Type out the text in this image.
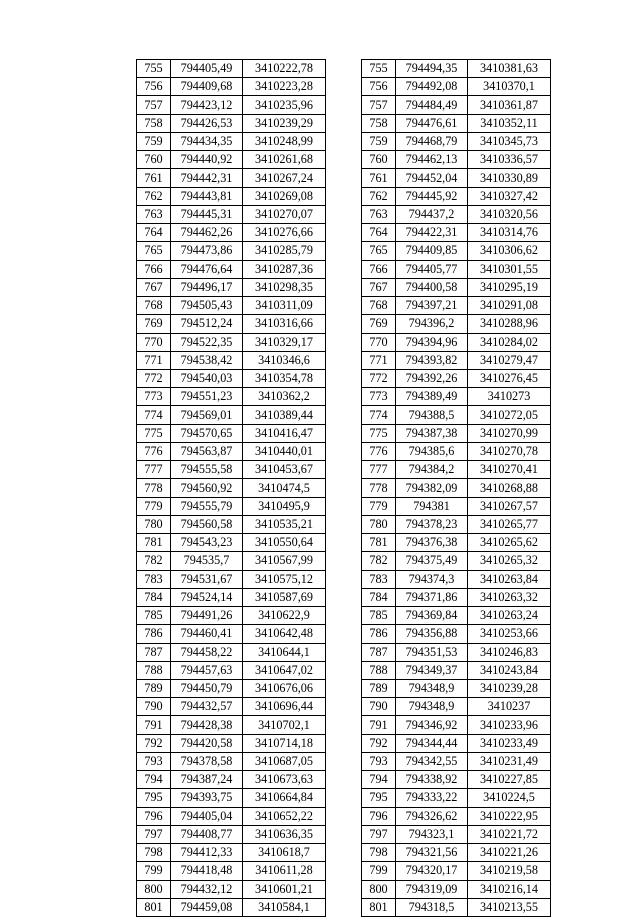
755	794405,49	3410222,78
756	794409,68	3410223,28
757	794423,12	3410235,96
758	794426,53	3410239,29
759	794434,35	3410248,99
760	794440,92	3410261,68
761	794442,31	3410267,24
762	794443,81	3410269,08
763	794445,31	3410270,07
764	794462,26	3410276,66
765	794473,86	3410285,79
766	794476,64	3410287,36
767	794496,17	3410298,35
768	794505,43	3410311,09
769	794512,24	3410316,66
770	794522,35	3410329,17
771	794538,42	3410346,6
772	794540,03	3410354,78
773	794551,23	3410362,2
774	794569,01	3410389,44
775	794570,65	3410416,47
776	794563,87	3410440,01
777	794555,58	3410453,67
778	794560,92	3410474,5
779	794555,79	3410495,9
780	794560,58	3410535,21
781	794543,23	3410550,64
782	794535,7	3410567,99
783	794531,67	3410575,12
784	794524,14	3410587,69
785	794491,26	3410622,9
786	794460,41	3410642,48
787	794458,22	3410644,1
788	794457,63	3410647,02
789	794450,79	3410676,06
790	794432,57	3410696,44
791	794428,38	3410702,1
792	794420,58	3410714,18
793	794378,58	3410687,05
794	794387,24	3410673,63
795	794393,75	3410664,84
796	794405,04	3410652,22
797	794408,77	3410636,35
798	794412,33	3410618,7
799	794418,48	3410611,28
800	794432,12	3410601,21
801	794459,08	3410584,1
755	794494,35	3410381,63
756	794492,08	3410370,1
757	794484,49	3410361,87
758	794476,61	3410352,11
759	794468,79	3410345,73
760	794462,13	3410336,57
761	794452,04	3410330,89
762	794445,92	3410327,42
763	794437,2	3410320,56
764	794422,31	3410314,76
765	794409,85	3410306,62
766	794405,77	3410301,55
767	794400,58	3410295,19
768	794397,21	3410291,08
769	794396,2	3410288,96
770	794394,96	3410284,02
771	794393,82	3410279,47
772	794392,26	3410276,45
773	794389,49	3410273
774	794388,5	3410272,05
775	794387,38	3410270,99
776	794385,6	3410270,78
777	794384,2	3410270,41
778	794382,09	3410268,88
779	794381	3410267,57
780	794378,23	3410265,77
781	794376,38	3410265,62
782	794375,49	3410265,32
783	794374,3	3410263,84
784	794371,86	3410263,32
785	794369,84	3410263,24
786	794356,88	3410253,66
787	794351,53	3410246,83
788	794349,37	3410243,84
789	794348,9	3410239,28
790	794348,9	3410237
791	794346,92	3410233,96
792	794344,44	3410233,49
793	794342,55	3410231,49
794	794338,92	3410227,85
795	794333,22	3410224,5
796	794326,62	3410222,95
797	794323,1	3410221,72
798	794321,56	3410221,26
799	794320,17	3410219,58
800	794319,09	3410216,14
801	794318,5	3410213,55
